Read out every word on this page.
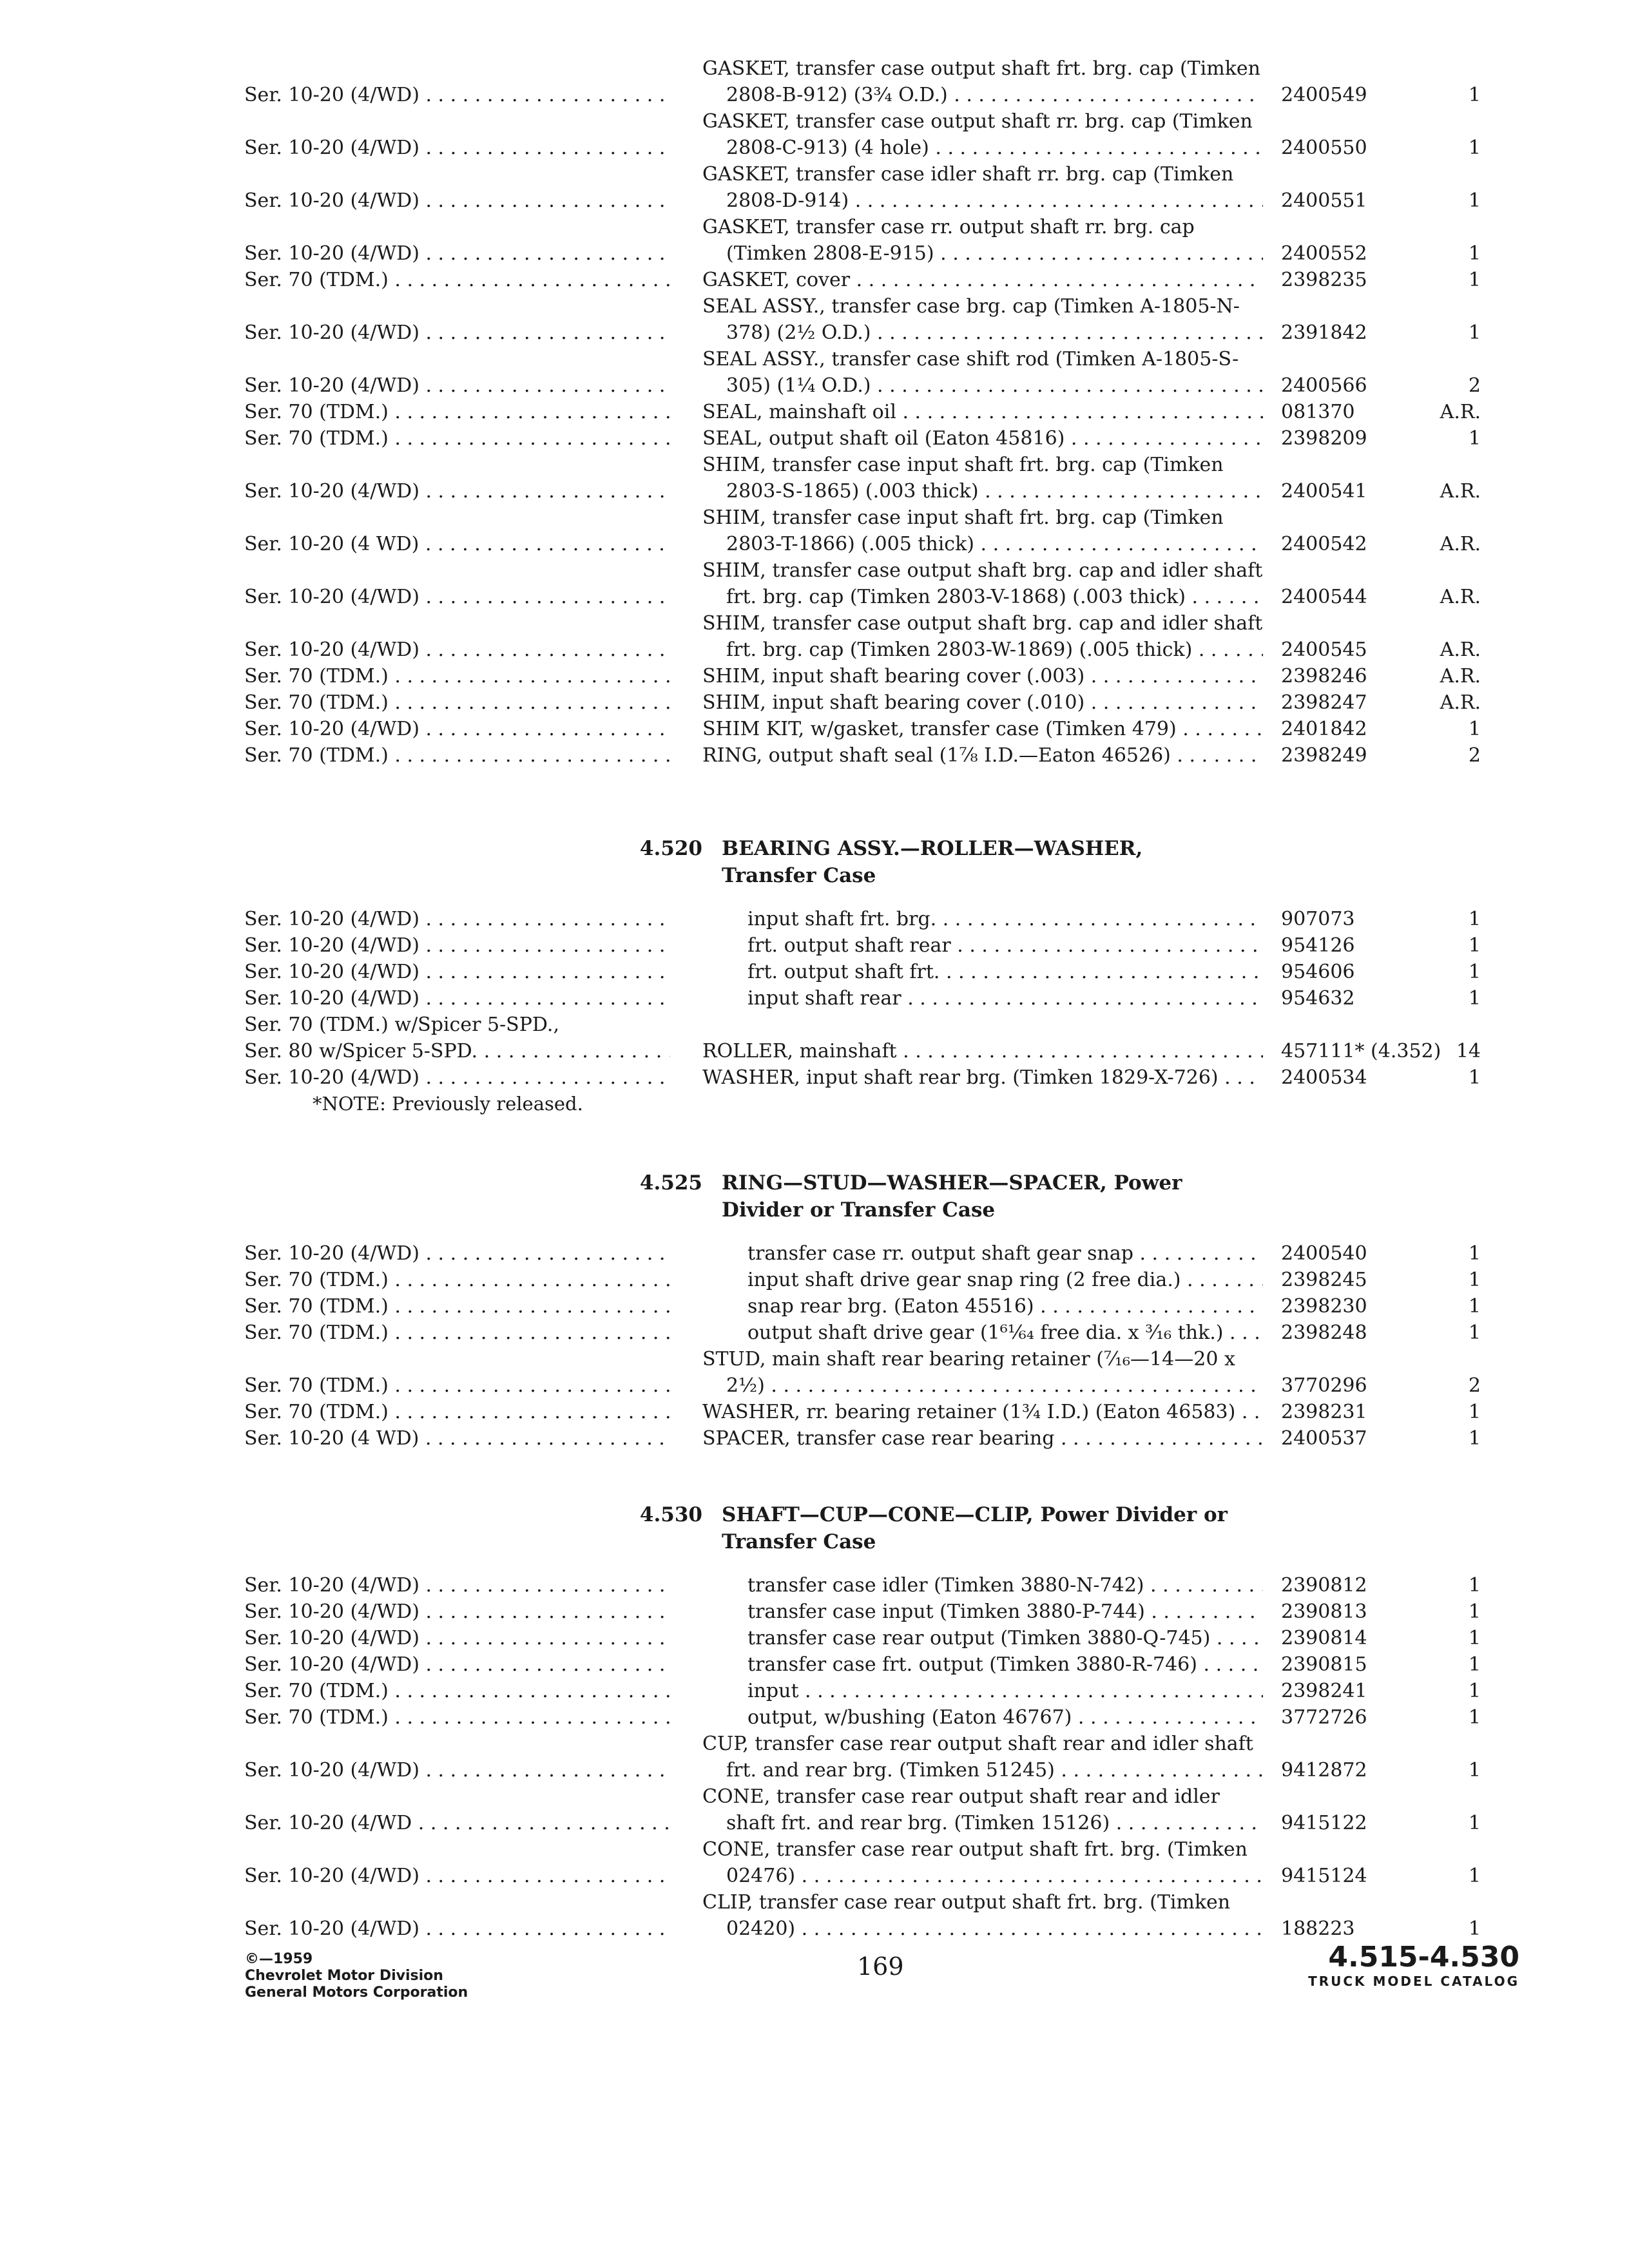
Ser. 10-20 (4/WD) . . .
GASKET, transfer case output shaft frt. brg. cap (Timken
2808-B-912) (3¾ O.D.) . . .	2400549	1
Ser. 10-20 (4/WD) . . .
GASKET, transfer case output shaft rr. brg. cap (Timken
2808-C-913) (4 hole) . . .	2400550	1
Ser. 10-20 (4/WD) . . .
GASKET, transfer case idler shaft rr. brg. cap (Timken
2808-D-914) . . .	2400551	1
Ser. 10-20 (4/WD) . . .
GASKET, transfer case rr. output shaft rr. brg. cap
(Timken 2808-E-915) . . .	2400552	1
Ser. 70 (TDM.) . . .	GASKET, cover . . .	2398235	1
Ser. 10-20 (4/WD) . . .
SEAL ASSY., transfer case brg. cap (Timken A-1805-N-
378) (2½ O.D.) . . .	2391842	1
Ser. 10-20 (4/WD) . . .
SEAL ASSY., transfer case shift rod (Timken A-1805-S-
305) (1¼ O.D.) . . .	2400566	2
Ser. 70 (TDM.) . . .	SEAL, mainshaft oil . . .	081370	A.R.
Ser. 70 (TDM.) . . .	SEAL, output shaft oil (Eaton 45816) . . .	2398209	1
Ser. 10-20 (4/WD) . . .
SHIM, transfer case input shaft frt. brg. cap (Timken
2803-S-1865) (.003 thick) . . .	2400541	A.R.
Ser. 10-20 (4 WD) . . .
SHIM, transfer case input shaft frt. brg. cap (Timken
2803-T-1866) (.005 thick) . . .	2400542	A.R.
Ser. 10-20 (4/WD) . . .
SHIM, transfer case output shaft brg. cap and idler shaft
frt. brg. cap (Timken 2803-V-1868) (.003 thick) . . .	2400544	A.R.
Ser. 10-20 (4/WD) . . .
SHIM, transfer case output shaft brg. cap and idler shaft
frt. brg. cap (Timken 2803-W-1869) (.005 thick) . . .	2400545	A.R.
Ser. 70 (TDM.) . . .	SHIM, input shaft bearing cover (.003) . . .	2398246	A.R.
Ser. 70 (TDM.) . . .	SHIM, input shaft bearing cover (.010) . . .	2398247	A.R.
Ser. 10-20 (4/WD) . . .	SHIM KIT, w/gasket, transfer case (Timken 479) . . .	2401842	1
Ser. 70 (TDM.) . . .	RING, output shaft seal (1⅞ I.D.—Eaton 46526) . . .	2398249	2
4.520 BEARING ASSY.—ROLLER—WASHER,
Transfer Case
Ser. 10-20 (4/WD) . . .	input shaft frt. brg. . . .	907073	1
Ser. 10-20 (4/WD) . . .	frt. output shaft rear . . .	954126	1
Ser. 10-20 (4/WD) . . .	frt. output shaft frt. . . .	954606	1
Ser. 10-20 (4/WD) . . .	input shaft rear . . .	954632	1
Ser. 70 (TDM.) w/Spicer 5-SPD.,

Ser. 80 w/Spicer 5-SPD. . . .	ROLLER, mainshaft . . .	457111* (4.352) 14
Ser. 10-20 (4/WD) . . .	WASHER, input shaft rear brg. (Timken 1829-X-726) . . .	2400534	1
*NOTE: Previously released.
4.525 RING—STUD—WASHER—SPACER, Power
Divider or Transfer Case
Ser. 10-20 (4/WD) . . .	transfer case rr. output shaft gear snap . . .	2400540	1
Ser. 70 (TDM.) . . .	input shaft drive gear snap ring (2 free dia.) . . .	2398245	1
Ser. 70 (TDM.) . . .	snap rear brg. (Eaton 45516) . . .	2398230	1
Ser. 70 (TDM.) . . .	output shaft drive gear (1⁶¹⁄₆₄ free dia. x ³⁄₁₆ thk.) . . .	2398248	1
Ser. 70 (TDM.) . . .
STUD, main shaft rear bearing retainer (⁷⁄₁₆—14—20 x
2½) . . .	3770296	2
Ser. 70 (TDM.) . . .	WASHER, rr. bearing retainer (1¾ I.D.) (Eaton 46583) . . .	2398231	1
Ser. 10-20 (4 WD) . . .	SPACER, transfer case rear bearing . . .	2400537	1
4.530 SHAFT—CUP—CONE—CLIP, Power Divider or
Transfer Case
Ser. 10-20 (4/WD) . . .	transfer case idler (Timken 3880-N-742) . . .	2390812	1
Ser. 10-20 (4/WD) . . .	transfer case input (Timken 3880-P-744) . . .	2390813	1
Ser. 10-20 (4/WD) . . .	transfer case rear output (Timken 3880-Q-745) . . .	2390814	1
Ser. 10-20 (4/WD) . . .	transfer case frt. output (Timken 3880-R-746) . . .	2390815	1
Ser. 70 (TDM.) . . .	input . . .	2398241	1
Ser. 70 (TDM.) . . .	output, w/bushing (Eaton 46767) . . .	3772726	1
Ser. 10-20 (4/WD) . . .
CUP, transfer case rear output shaft rear and idler shaft
frt. and rear brg. (Timken 51245) . . .	9412872	1
Ser. 10-20 (4/WD . . .
CONE, transfer case rear output shaft rear and idler
shaft frt. and rear brg. (Timken 15126) . . .	9415122	1
Ser. 10-20 (4/WD) . . .
CONE, transfer case rear output shaft frt. brg. (Timken
02476) . . .	9415124	1
Ser. 10-20 (4/WD) . . .
CLIP, transfer case rear output shaft frt. brg. (Timken
02420) . . .	188223	1
©—1959
Chevrolet Motor Division
General Motors Corporation
169	4.515-4.530
TRUCK MODEL CATALOG
